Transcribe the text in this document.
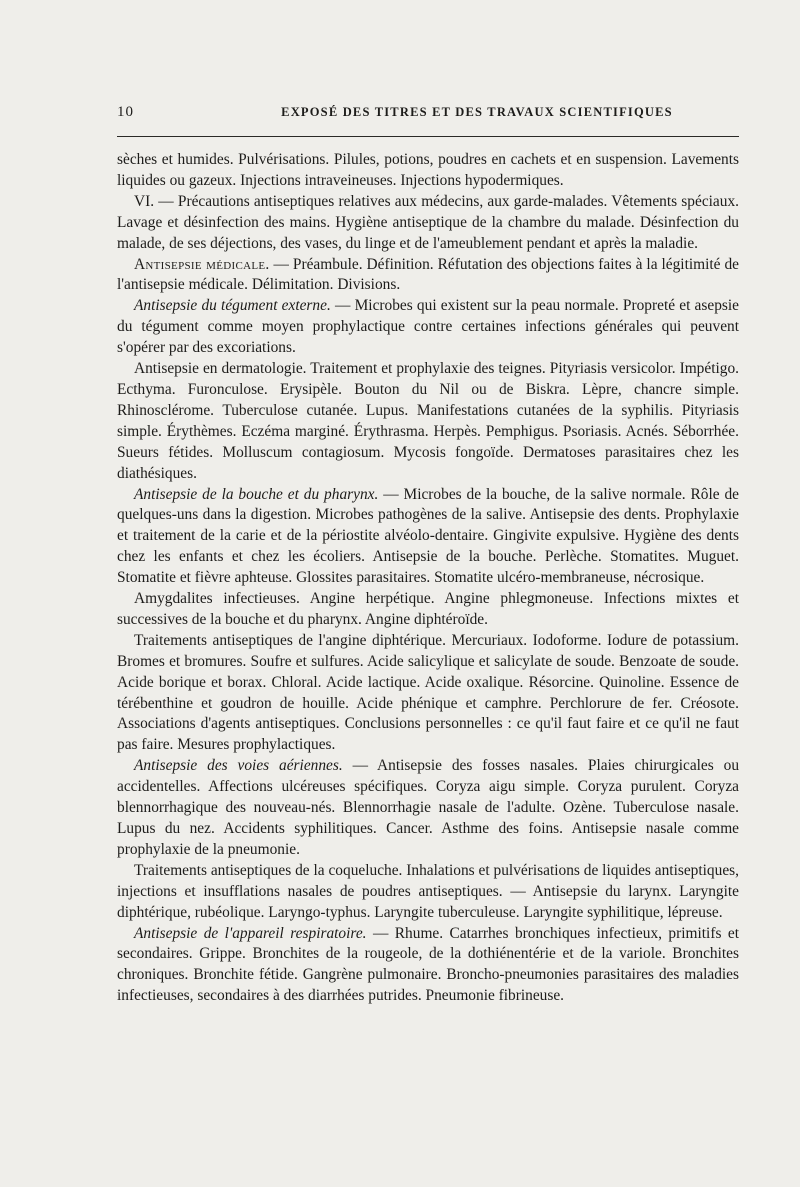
10	EXPOSÉ DES TITRES ET DES TRAVAUX SCIENTIFIQUES

sèches et humides. Pulvérisations. Pilules, potions, poudres en cachets et en suspension. Lavements liquides ou gazeux. Injections intraveineuses. Injections hypodermiques.

VI. — Précautions antiseptiques relatives aux médecins, aux garde-malades. Vêtements spéciaux. Lavage et désinfection des mains. Hygiène antiseptique de la chambre du malade. Désinfection du malade, de ses déjections, des vases, du linge et de l'ameublement pendant et après la maladie.

Antisepsie médicale. — Préambule. Définition. Réfutation des objections faites à la légitimité de l'antisepsie médicale. Délimitation. Divisions.

Antisepsie du tégument externe. — Microbes qui existent sur la peau normale. Propreté et asepsie du tégument comme moyen prophylactique contre certaines infections générales qui peuvent s'opérer par des excoriations.

Antisepsie en dermatologie. Traitement et prophylaxie des teignes. Pityriasis versicolor. Impétigo. Ecthyma. Furonculose. Erysipèle. Bouton du Nil ou de Biskra. Lèpre, chancre simple. Rhinosclérome. Tuberculose cutanée. Lupus. Manifestations cutanées de la syphilis. Pityriasis simple. Érythèmes. Eczéma marginé. Érythrasma. Herpès. Pemphigus. Psoriasis. Acnés. Séborrhée. Sueurs fétides. Molluscum contagiosum. Mycosis fongoïde. Dermatoses parasitaires chez les diathésiques.

Antisepsie de la bouche et du pharynx. — Microbes de la bouche, de la salive normale. Rôle de quelques-uns dans la digestion. Microbes pathogènes de la salive. Antisepsie des dents. Prophylaxie et traitement de la carie et de la périostite alvéolo-dentaire. Gingivite expulsive. Hygiène des dents chez les enfants et chez les écoliers. Antisepsie de la bouche. Perlèche. Stomatites. Muguet. Stomatite et fièvre aphteuse. Glossites parasitaires. Stomatite ulcéro-membraneuse, nécrosique.

Amygdalites infectieuses. Angine herpétique. Angine phlegmoneuse. Infections mixtes et successives de la bouche et du pharynx. Angine diphtéroïde.

Traitements antiseptiques de l'angine diphtérique. Mercuriaux. Iodoforme. Iodure de potassium. Bromes et bromures. Soufre et sulfures. Acide salicylique et salicylate de soude. Benzoate de soude. Acide borique et borax. Chloral. Acide lactique. Acide oxalique. Résorcine. Quinoline. Essence de térébenthine et goudron de houille. Acide phénique et camphre. Perchlorure de fer. Créosote. Associations d'agents antiseptiques. Conclusions personnelles : ce qu'il faut faire et ce qu'il ne faut pas faire. Mesures prophylactiques.

Antisepsie des voies aériennes. — Antisepsie des fosses nasales. Plaies chirurgicales ou accidentelles. Affections ulcéreuses spécifiques. Coryza aigu simple. Coryza purulent. Coryza blennorrhagique des nouveau-nés. Blennorrhagie nasale de l'adulte. Ozène. Tuberculose nasale. Lupus du nez. Accidents syphilitiques. Cancer. Asthme des foins. Antisepsie nasale comme prophylaxie de la pneumonie.

Traitements antiseptiques de la coqueluche. Inhalations et pulvérisations de liquides antiseptiques, injections et insufflations nasales de poudres antiseptiques. — Antisepsie du larynx. Laryngite diphtérique, rubéolique. Laryngo-typhus. Laryngite tuberculeuse. Laryngite syphilitique, lépreuse.

Antisepsie de l'appareil respiratoire. — Rhume. Catarrhes bronchiques infectieux, primitifs et secondaires. Grippe. Bronchites de la rougeole, de la dothiénentérie et de la variole. Bronchites chroniques. Bronchite fétide. Gangrène pulmonaire. Broncho-pneumonies parasitaires des maladies infectieuses, secondaires à des diarrhées putrides. Pneumonie fibrineuse.
